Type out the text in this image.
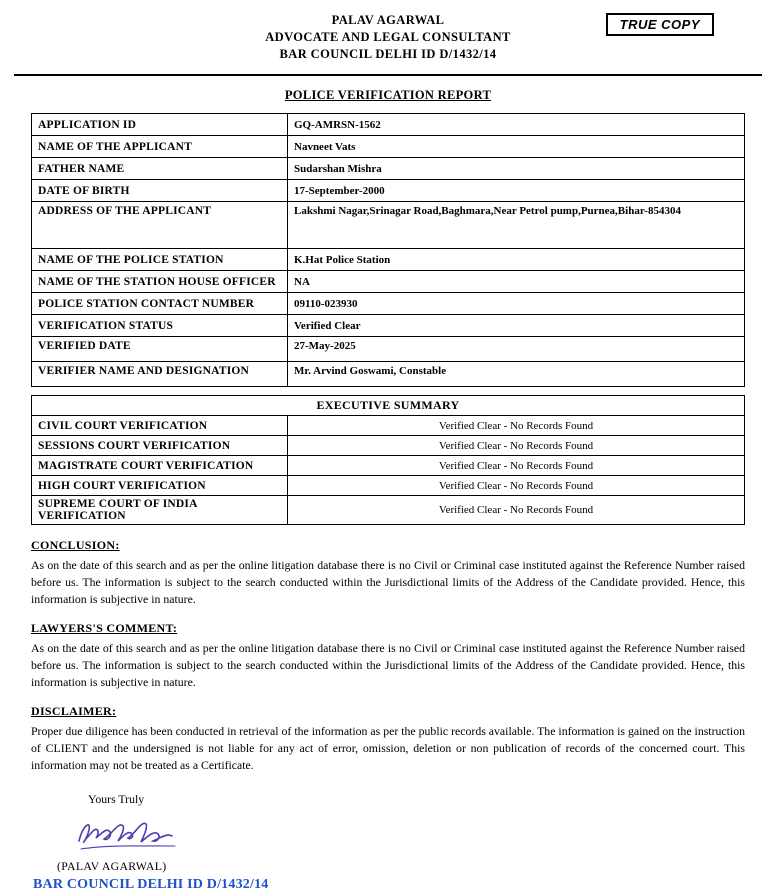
TRUE COPY
PALAV AGARWAL
ADVOCATE AND LEGAL CONSULTANT
BAR COUNCIL DELHI ID D/1432/14
POLICE VERIFICATION REPORT
APPLICATION ID	GQ-AMRSN-1562
NAME OF THE APPLICANT	Navneet Vats
FATHER NAME	Sudarshan Mishra
DATE OF BIRTH	17-September-2000
ADDRESS OF THE APPLICANT	Lakshmi Nagar,Srinagar Road,Baghmara,Near Petrol pump,Purnea,Bihar-854304
NAME OF THE POLICE STATION	K.Hat Police Station
NAME OF THE STATION HOUSE OFFICER	NA
POLICE STATION CONTACT NUMBER	09110-023930
VERIFICATION STATUS	Verified Clear
VERIFIED DATE	27-May-2025
VERIFIER NAME AND DESIGNATION	Mr. Arvind Goswami, Constable
EXECUTIVE SUMMARY	
CIVIL COURT VERIFICATION	Verified Clear - No Records Found
SESSIONS COURT VERIFICATION	Verified Clear - No Records Found
MAGISTRATE COURT VERIFICATION	Verified Clear - No Records Found
HIGH COURT VERIFICATION	Verified Clear - No Records Found
SUPREME COURT OF INDIA VERIFICATION	Verified Clear - No Records Found
CONCLUSION:
As on the date of this search and as per the online litigation database there is no Civil or Criminal case instituted against the Reference Number raised before us. The information is subject to the search conducted within the Jurisdictional limits of the Address of the Candidate provided. Hence, this information is subjective in nature.
LAWYERS'S COMMENT:
As on the date of this search and as per the online litigation database there is no Civil or Criminal case instituted against the Reference Number raised before us. The information is subject to the search conducted within the Jurisdictional limits of the Address of the Candidate provided. Hence, this information is subjective in nature.
DISCLAIMER:
Proper due diligence has been conducted in retrieval of the information as per the public records available. The information is gained on the instruction of CLIENT and the undersigned is not liable for any act of error, omission, deletion or non publication of records of the concerned court. This information may not be treated as a Certificate.
Yours Truly
(PALAV AGARWAL)
BAR COUNCIL DELHI ID D/1432/14
